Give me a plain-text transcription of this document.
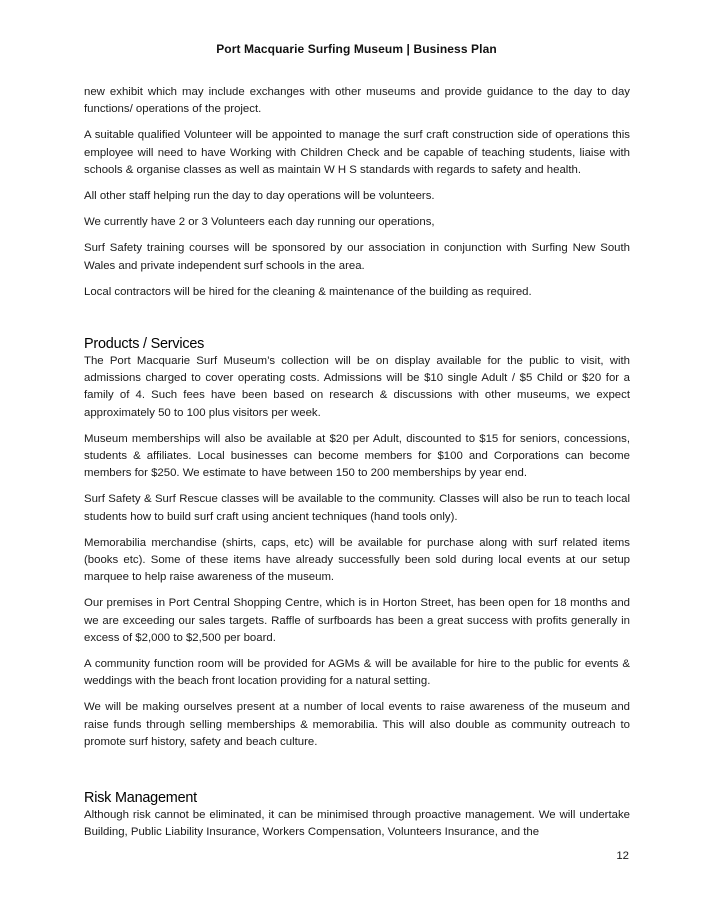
Port Macquarie Surfing Museum | Business Plan

new exhibit which may include exchanges with other museums and provide guidance to the day to day functions/ operations of the project.

A suitable qualified Volunteer will be appointed to manage the surf craft construction side of operations this employee will need to have Working with Children Check and be capable of teaching students, liaise with schools & organise classes as well as maintain W H S standards with regards to safety and health.

All other staff helping run the day to day operations will be volunteers.

We currently have 2 or 3 Volunteers each day running our operations,

Surf Safety training courses will be sponsored by our association in conjunction with Surfing New South Wales and private independent surf schools in the area.

Local contractors will be hired for the cleaning & maintenance of the building as required.

Products / Services

The Port Macquarie Surf Museum’s collection will be on display available for the public to visit, with admissions charged to cover operating costs. Admissions will be $10 single Adult / $5 Child or $20 for a family of 4. Such fees have been based on research & discussions with other museums, we expect approximately 50 to 100 plus visitors per week.

Museum memberships will also be available at $20 per Adult, discounted to $15 for seniors, concessions, students & affiliates. Local businesses can become members for $100 and Corporations can become members for $250. We estimate to have between 150 to 200 memberships by year end.

Surf Safety & Surf Rescue classes will be available to the community. Classes will also be run to teach local students how to build surf craft using ancient techniques (hand tools only).

Memorabilia merchandise (shirts, caps, etc) will be available for purchase along with surf related items (books etc). Some of these items have already successfully been sold during local events at our setup marquee to help raise awareness of the museum.

Our premises in Port Central Shopping Centre, which is in Horton Street, has been open for 18 months and we are exceeding our sales targets. Raffle of surfboards has been a great success with profits generally in excess of $2,000 to $2,500 per board.

A community function room will be provided for AGMs & will be available for hire to the public for events & weddings with the beach front location providing for a natural setting.

We will be making ourselves present at a number of local events to raise awareness of the museum and raise funds through selling memberships & memorabilia. This will also double as community outreach to promote surf history, safety and beach culture.

Risk Management

Although risk cannot be eliminated, it can be minimised through proactive management. We will undertake Building, Public Liability Insurance, Workers Compensation, Volunteers Insurance, and the

12
